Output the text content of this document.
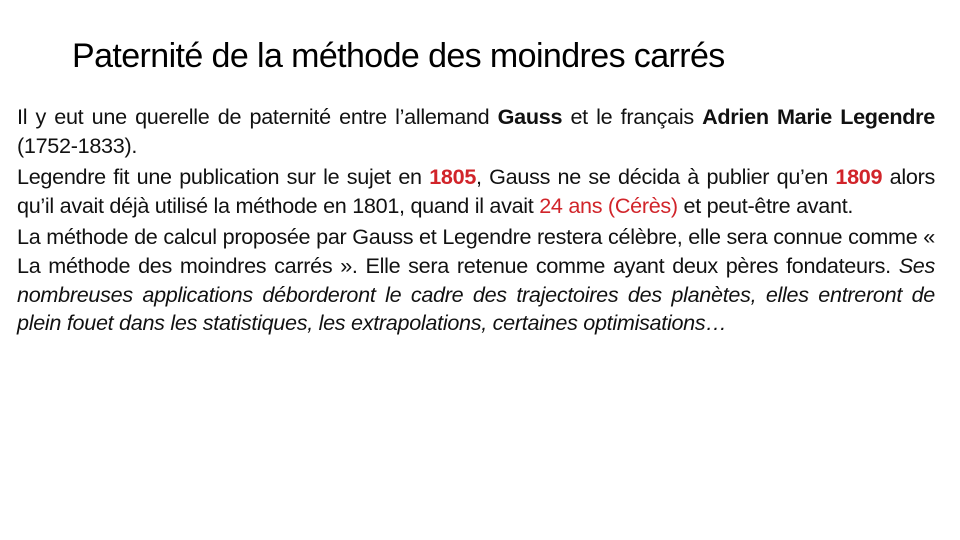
Paternité de la méthode des moindres carrés

Il y eut une querelle de paternité entre l’allemand Gauss et le français Adrien Marie Legendre (1752-1833).

Legendre fit une publication sur le sujet en 1805, Gauss ne se décida à publier qu’en 1809 alors qu’il avait déjà utilisé la méthode en 1801, quand il avait 24 ans (Cérès) et peut-être avant.

La méthode de calcul proposée par Gauss et Legendre restera célèbre, elle sera connue comme « La méthode des moindres carrés ». Elle sera retenue comme ayant deux pères fondateurs. Ses nombreuses applications déborderont le cadre des trajectoires des planètes, elles entreront de plein fouet dans les statistiques, les extrapolations, certaines optimisations…
